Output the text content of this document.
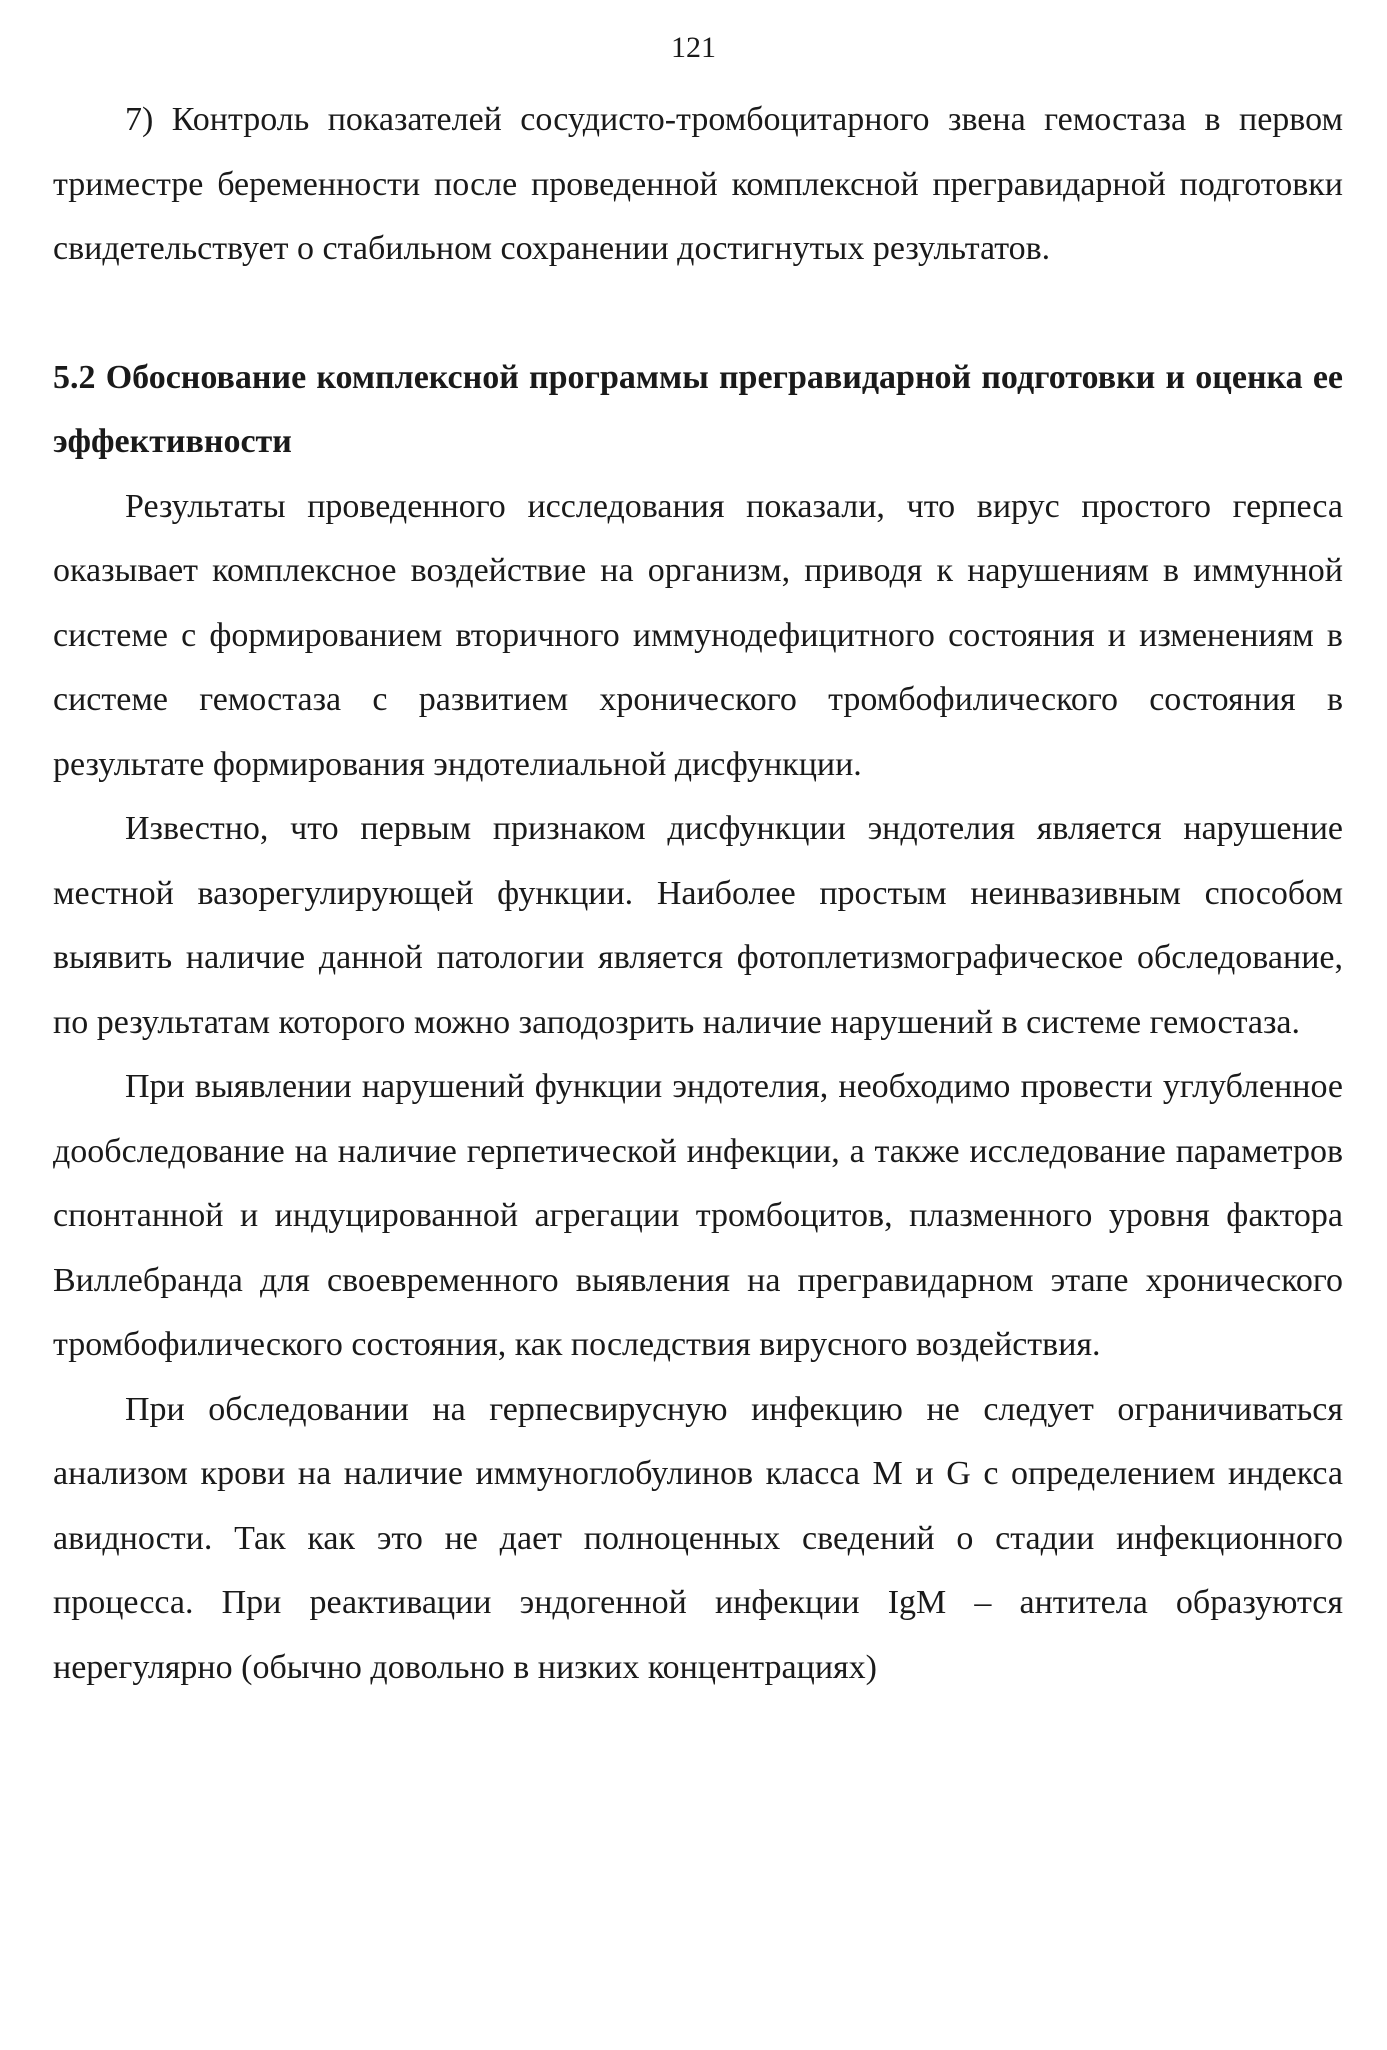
121

7) Контроль показателей сосудисто-тромбоцитарного звена гемостаза в первом триместре беременности после проведенной комплексной прегравидарной подготовки свидетельствует о стабильном сохранении достигнутых результатов.

5.2 Обоснование комплексной программы прегравидарной подготовки и оценка ее эффективности

Результаты проведенного исследования показали, что вирус простого герпеса оказывает комплексное воздействие на организм, приводя к нарушениям в иммунной системе с формированием вторичного иммунодефицитного состояния и изменениям в системе гемостаза с развитием хронического тромбофилического состояния в результате формирования эндотелиальной дисфункции.

Известно, что первым признаком дисфункции эндотелия является нарушение местной вазорегулирующей функции. Наиболее простым неинвазивным способом выявить наличие данной патологии является фотоплетизмографическое обследование, по результатам которого можно заподозрить наличие нарушений в системе гемостаза.

При выявлении нарушений функции эндотелия, необходимо провести углубленное дообследование на наличие герпетической инфекции, а также исследование параметров спонтанной и индуцированной агрегации тромбоцитов, плазменного уровня фактора Виллебранда для своевременного выявления на прегравидарном этапе хронического тромбофилического состояния, как последствия вирусного воздействия.

При обследовании на герпесвирусную инфекцию не следует ограничиваться анализом крови на наличие иммуноглобулинов класса M и G с определением индекса авидности. Так как это не дает полноценных сведений о стадии инфекционного процесса. При реактивации эндогенной инфекции IgM – антитела образуются нерегулярно (обычно довольно в низких концентрациях)
